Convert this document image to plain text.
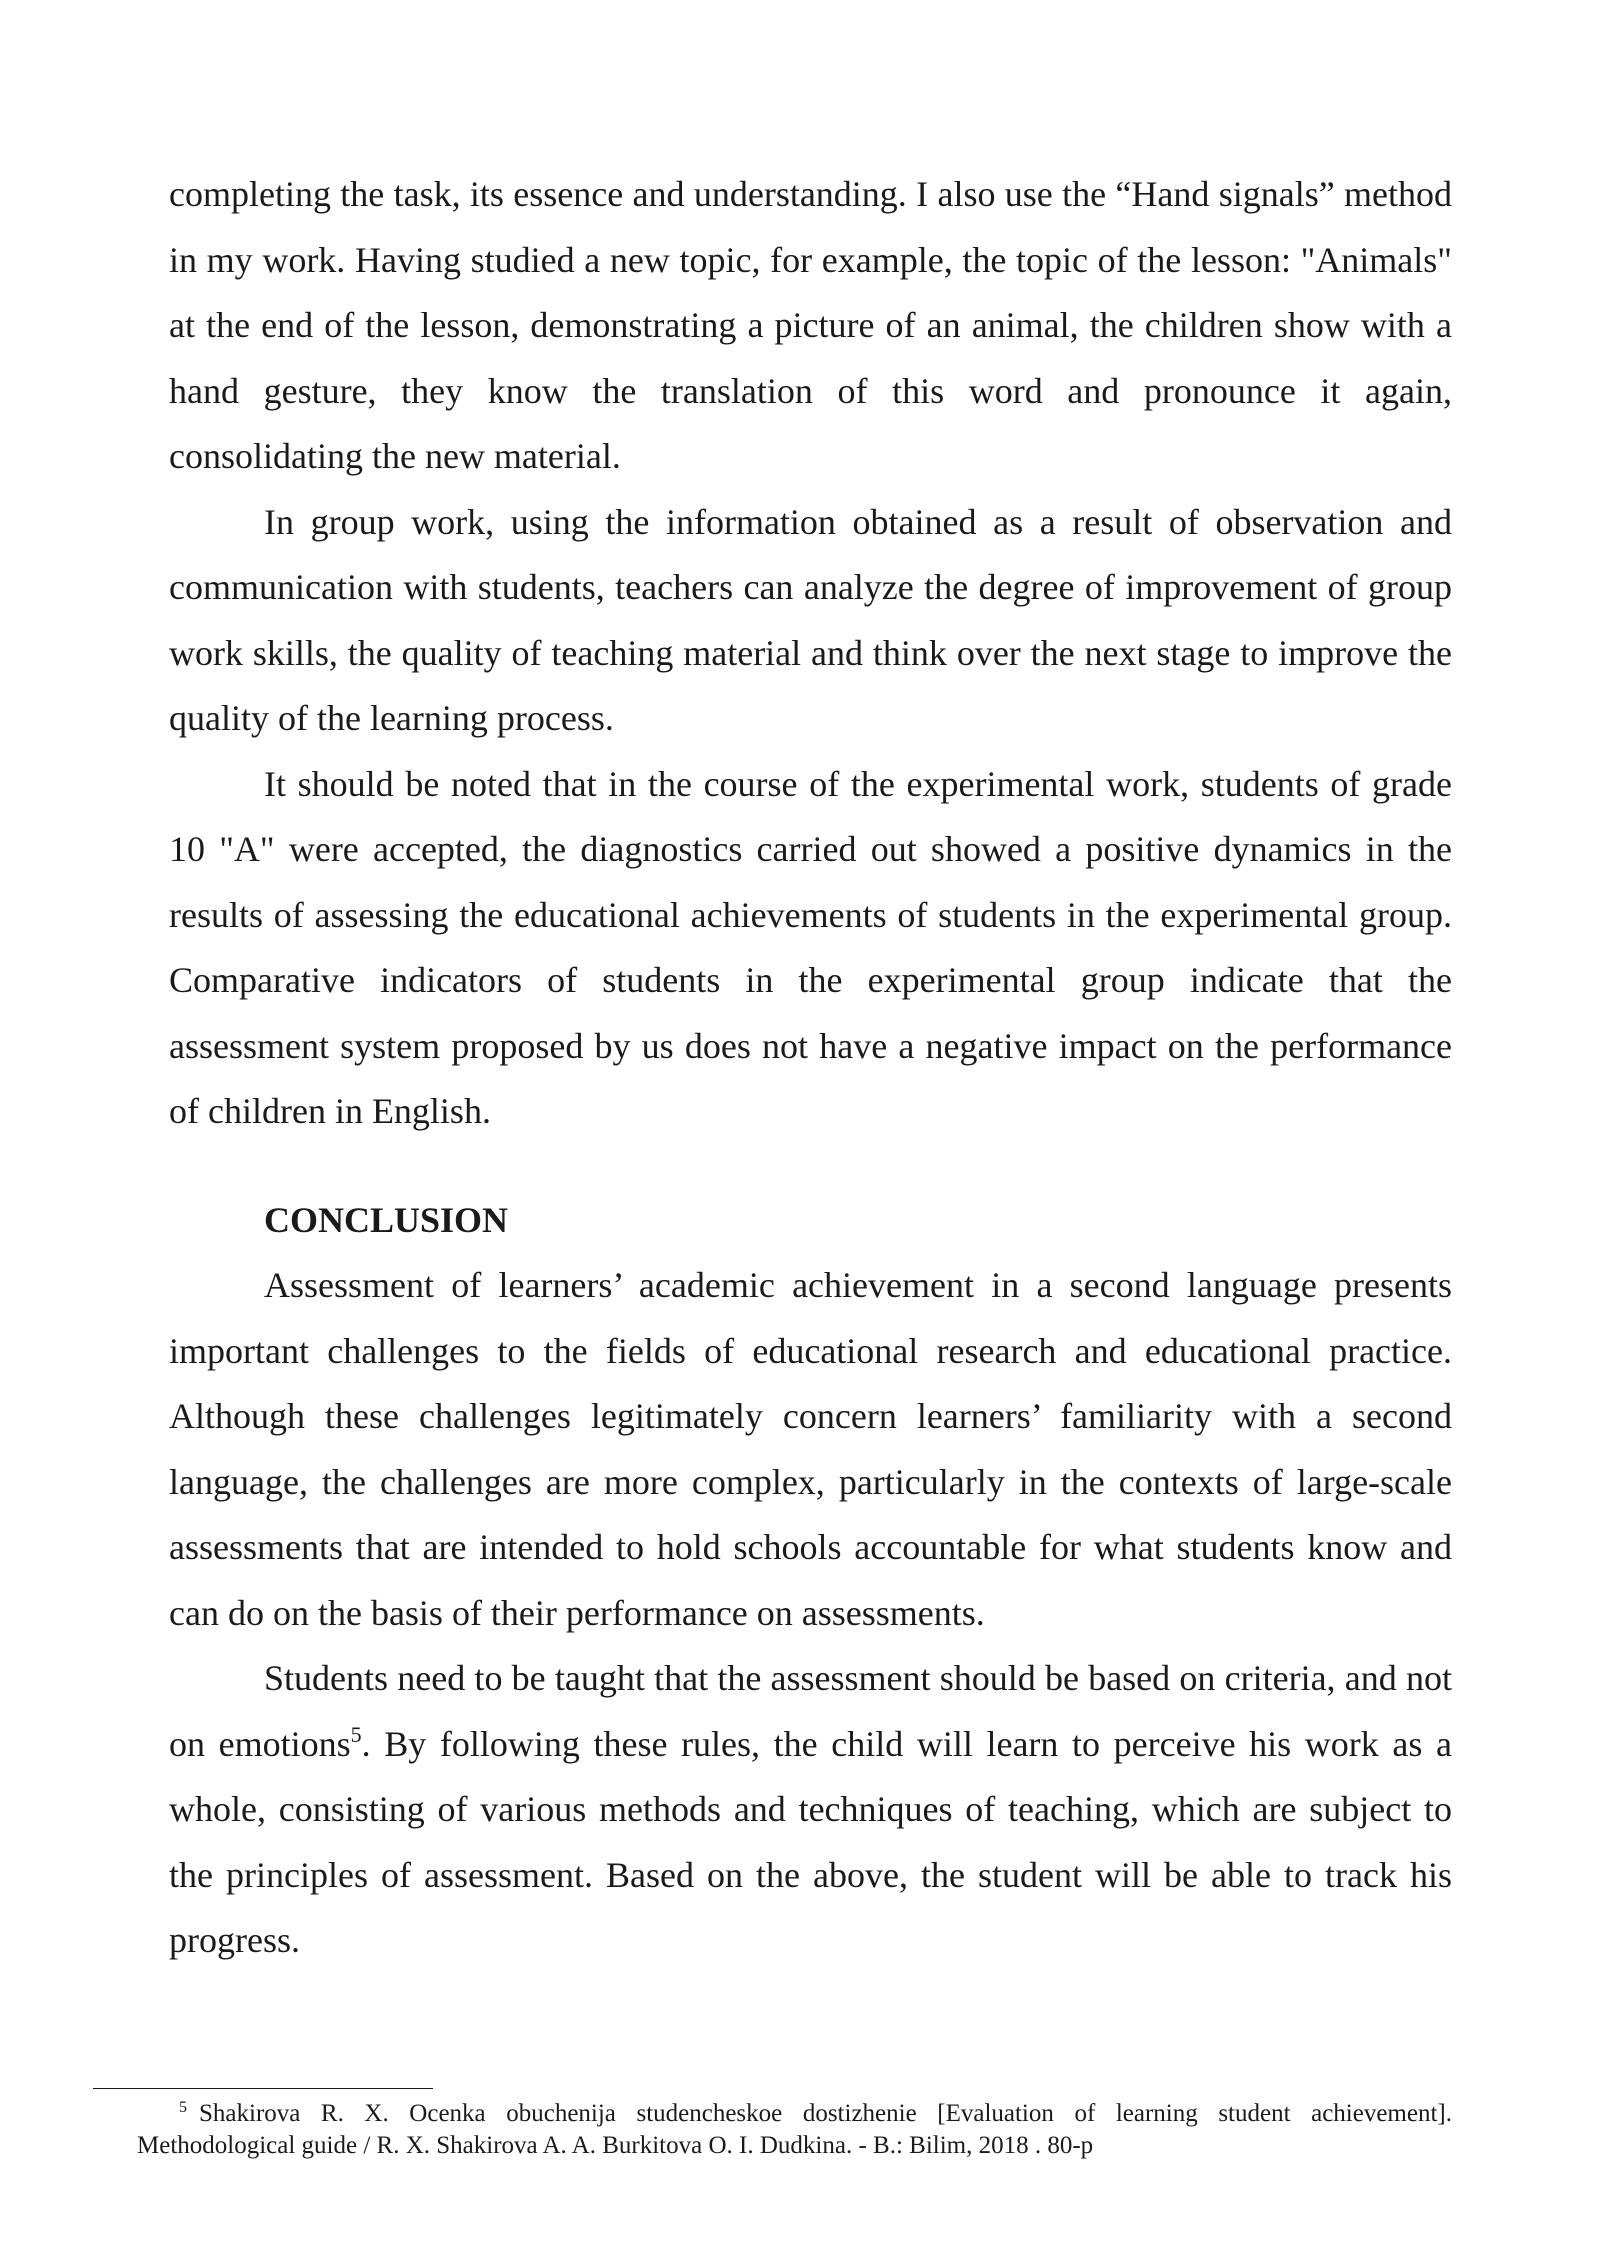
completing the task, its essence and understanding. I also use the “Hand signals” method in my work. Having studied a new topic, for example, the topic of the lesson: "Animals" at the end of the lesson, demonstrating a picture of an animal, the children show with a hand gesture, they know the translation of this word and pronounce it again, consolidating the new material.

In group work, using the information obtained as a result of observation and communication with students, teachers can analyze the degree of improvement of group work skills, the quality of teaching material and think over the next stage to improve the quality of the learning process.

It should be noted that in the course of the experimental work, students of grade 10 "A" were accepted, the diagnostics carried out showed a positive dynamics in the results of assessing the educational achievements of students in the experimental group. Comparative indicators of students in the experimental group indicate that the assessment system proposed by us does not have a negative impact on the performance of children in English.

CONCLUSION

Assessment of learners’ academic achievement in a second language presents important challenges to the fields of educational research and educational practice. Although these challenges legitimately concern learners’ familiarity with a second language, the challenges are more complex, particularly in the contexts of large-scale assessments that are intended to hold schools accountable for what students know and can do on the basis of their performance on assessments.

Students need to be taught that the assessment should be based on criteria, and not on emotions$^5$. By following these rules, the child will learn to perceive his work as a whole, consisting of various methods and techniques of teaching, which are subject to the principles of assessment. Based on the above, the student will be able to track his progress.

$^5$ Shakirova R. X. Ocenka obuchenija studencheskoe dostizhenie [Evaluation of learning student achievement].
Methodological guide / R. X. Shakirova A. A. Burkitova O. I. Dudkina. - B.: Bilim, 2018 . 80-p
